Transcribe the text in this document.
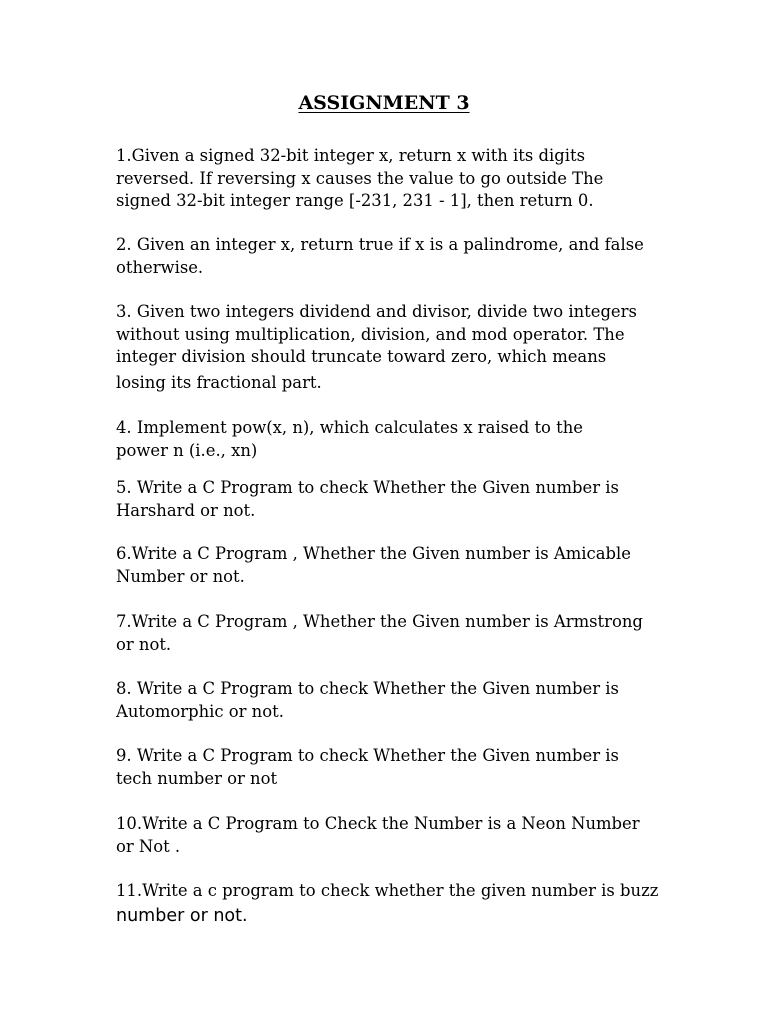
ASSIGNMENT 3
1.Given a signed 32-bit integer x, return x with its digits
reversed. If reversing x causes the value to go outside The
signed 32-bit integer range [-231, 231 - 1], then return 0.
2. Given an integer x, return true if x is a palindrome, and false
otherwise.
3. Given two integers dividend and divisor, divide two integers
without using multiplication, division, and mod operator. The
integer division should truncate toward zero, which means
losing its fractional part.
4. Implement pow(x, n), which calculates x raised to the
power n (i.e., xn)
5. Write a C Program to check Whether the Given number is
Harshard or not.
6.Write a C Program , Whether the Given number is Amicable
Number or not.
7.Write a C Program , Whether the Given number is Armstrong
or not.
8. Write a C Program to check Whether the Given number is
Automorphic or not.
9. Write a C Program to check Whether the Given number is
tech number or not
10.Write a C Program to Check the Number is a Neon Number
or Not .
11.Write a c program to check whether the given number is buzz
number or not.
